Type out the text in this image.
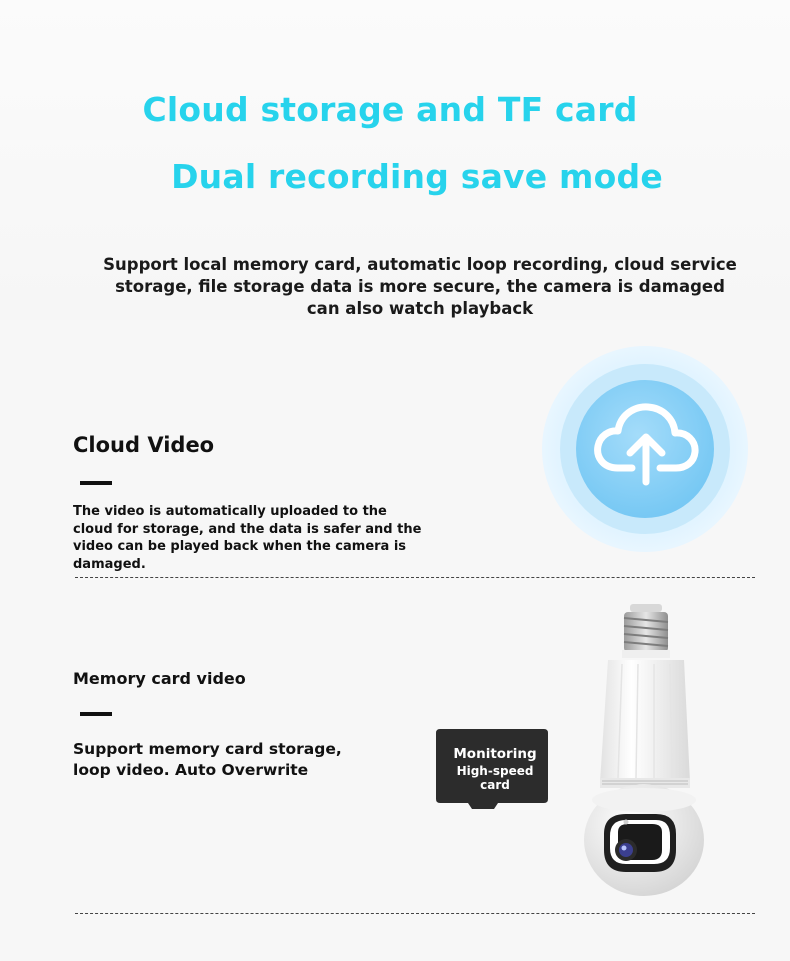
Cloud storage and TF card
Dual recording save mode
Support local memory card, automatic loop recording, cloud service storage, file storage data is more secure, the camera is damaged can also watch playback
Cloud Video
The video is automatically uploaded to the cloud for storage, and the data is safer and the video can be played back when the camera is damaged.
Memory card video
Support memory card storage, loop video. Auto Overwrite
Monitoring
High-speed
card
